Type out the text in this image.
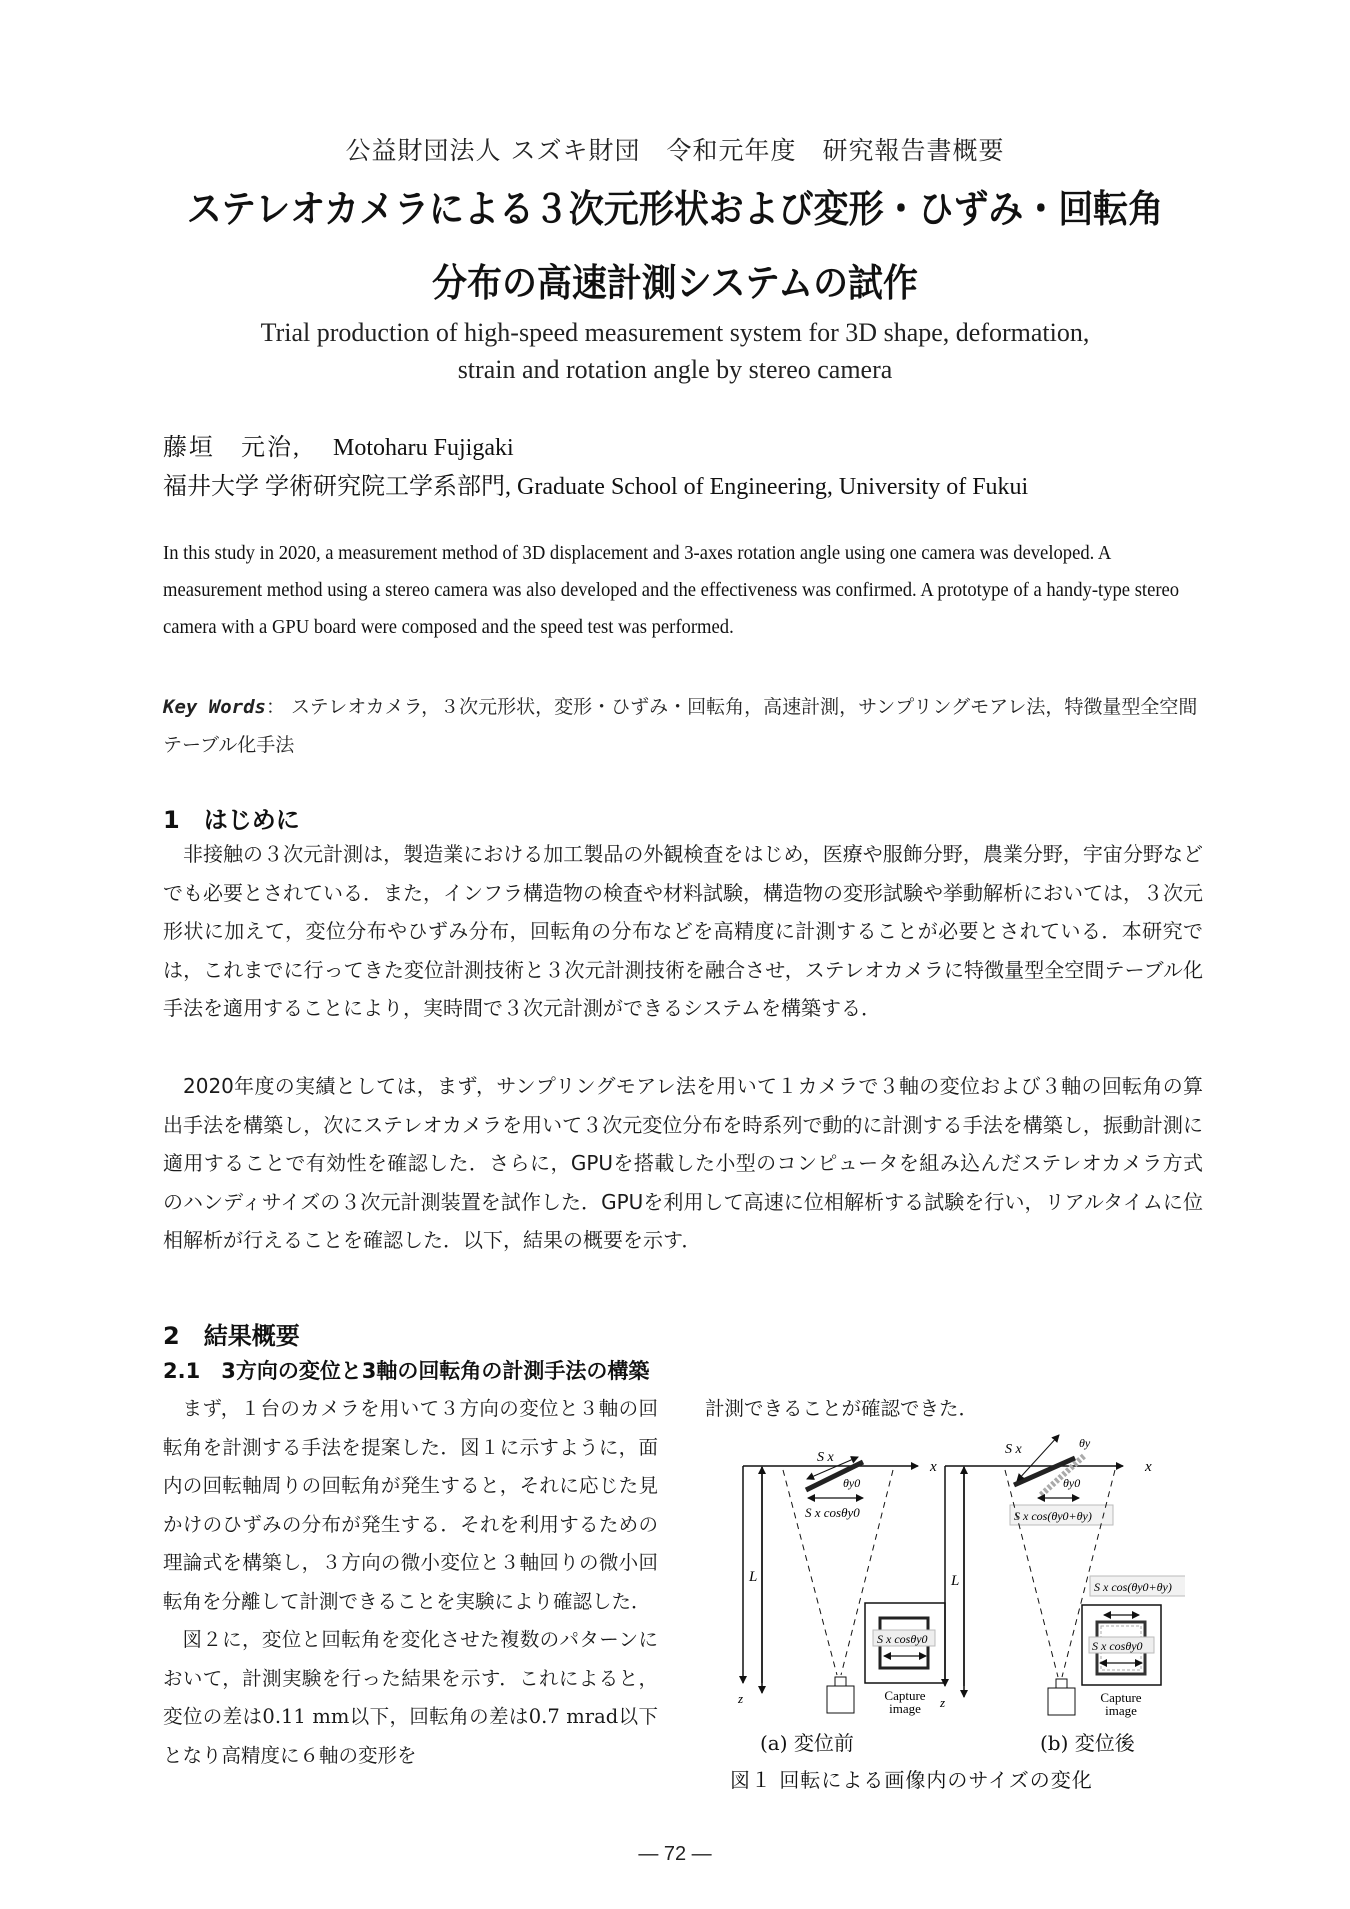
公益財団法人 スズキ財団　令和元年度　研究報告書概要
ステレオカメラによる３次元形状および変形・ひずみ・回転角
分布の高速計測システムの試作
Trial production of high-speed measurement system for 3D shape, deformation,
strain and rotation angle by stereo camera
藤垣　元治, Motoharu Fujigaki
福井大学 学術研究院工学系部門, Graduate School of Engineering, University of Fukui
In this study in 2020, a measurement method of 3D displacement and 3-axes rotation angle using one camera was developed. A measurement method using a stereo camera was also developed and the effectiveness was confirmed. A prototype of a handy-type stereo camera with a GPU board were composed and the speed test was performed.
Key Words： ステレオカメラ，３次元形状，変形・ひずみ・回転角，高速計測，サンプリングモアレ法，特徴量型全空間テーブル化手法
1　はじめに

非接触の３次元計測は，製造業における加工製品の外観検査をはじめ，医療や服飾分野，農業分野，宇宙分野などでも必要とされている．また，インフラ構造物の検査や材料試験，構造物の変形試験や挙動解析においては，３次元形状に加えて，変位分布やひずみ分布，回転角の分布などを高精度に計測することが必要とされている．本研究では，これまでに行ってきた変位計測技術と３次元計測技術を融合させ，ステレオカメラに特徴量型全空間テーブル化手法を適用することにより，実時間で３次元計測ができるシステムを構築する．

2020年度の実績としては，まず，サンプリングモアレ法を用いて１カメラで３軸の変位および３軸の回転角の算出手法を構築し，次にステレオカメラを用いて３次元変位分布を時系列で動的に計測する手法を構築し，振動計測に適用することで有効性を確認した．さらに，GPUを搭載した小型のコンピュータを組み込んだステレオカメラ方式のハンディサイズの３次元計測装置を試作した．GPUを利用して高速に位相解析する試験を行い，リアルタイムに位相解析が行えることを確認した．以下，結果の概要を示す．

2　結果概要
2.1　3方向の変位と3軸の回転角の計測手法の構築

まず，１台のカメラを用いて３方向の変位と３軸の回転角を計測する手法を提案した．図１に示すように，面内の回転軸周りの回転角が発生すると，それに応じた見かけのひずみの分布が発生する．それを利用するための理論式を構築し，３方向の微小変位と３軸回りの微小回転角を分離して計測できることを実験により確認した．

図２に，変位と回転角を変化させた複数のパターンにおいて，計測実験を行った結果を示す．これによると，変位の差は0.11 mm以下，回転角の差は0.7 mrad以下となり高精度に６軸の変形を

計測できることが確認できた．
x
z
L
S x
θy0
S x cosθy0
S x cosθy0
Capture
image
x
z
L
S x	θy
θy0
S x cos(θy0+θy)
S x cos(θy0+θy)
S x cosθy0
Capture
image
(a) 変位前	(b) 変位後
図１ 回転による画像内のサイズの変化
— 72 —
